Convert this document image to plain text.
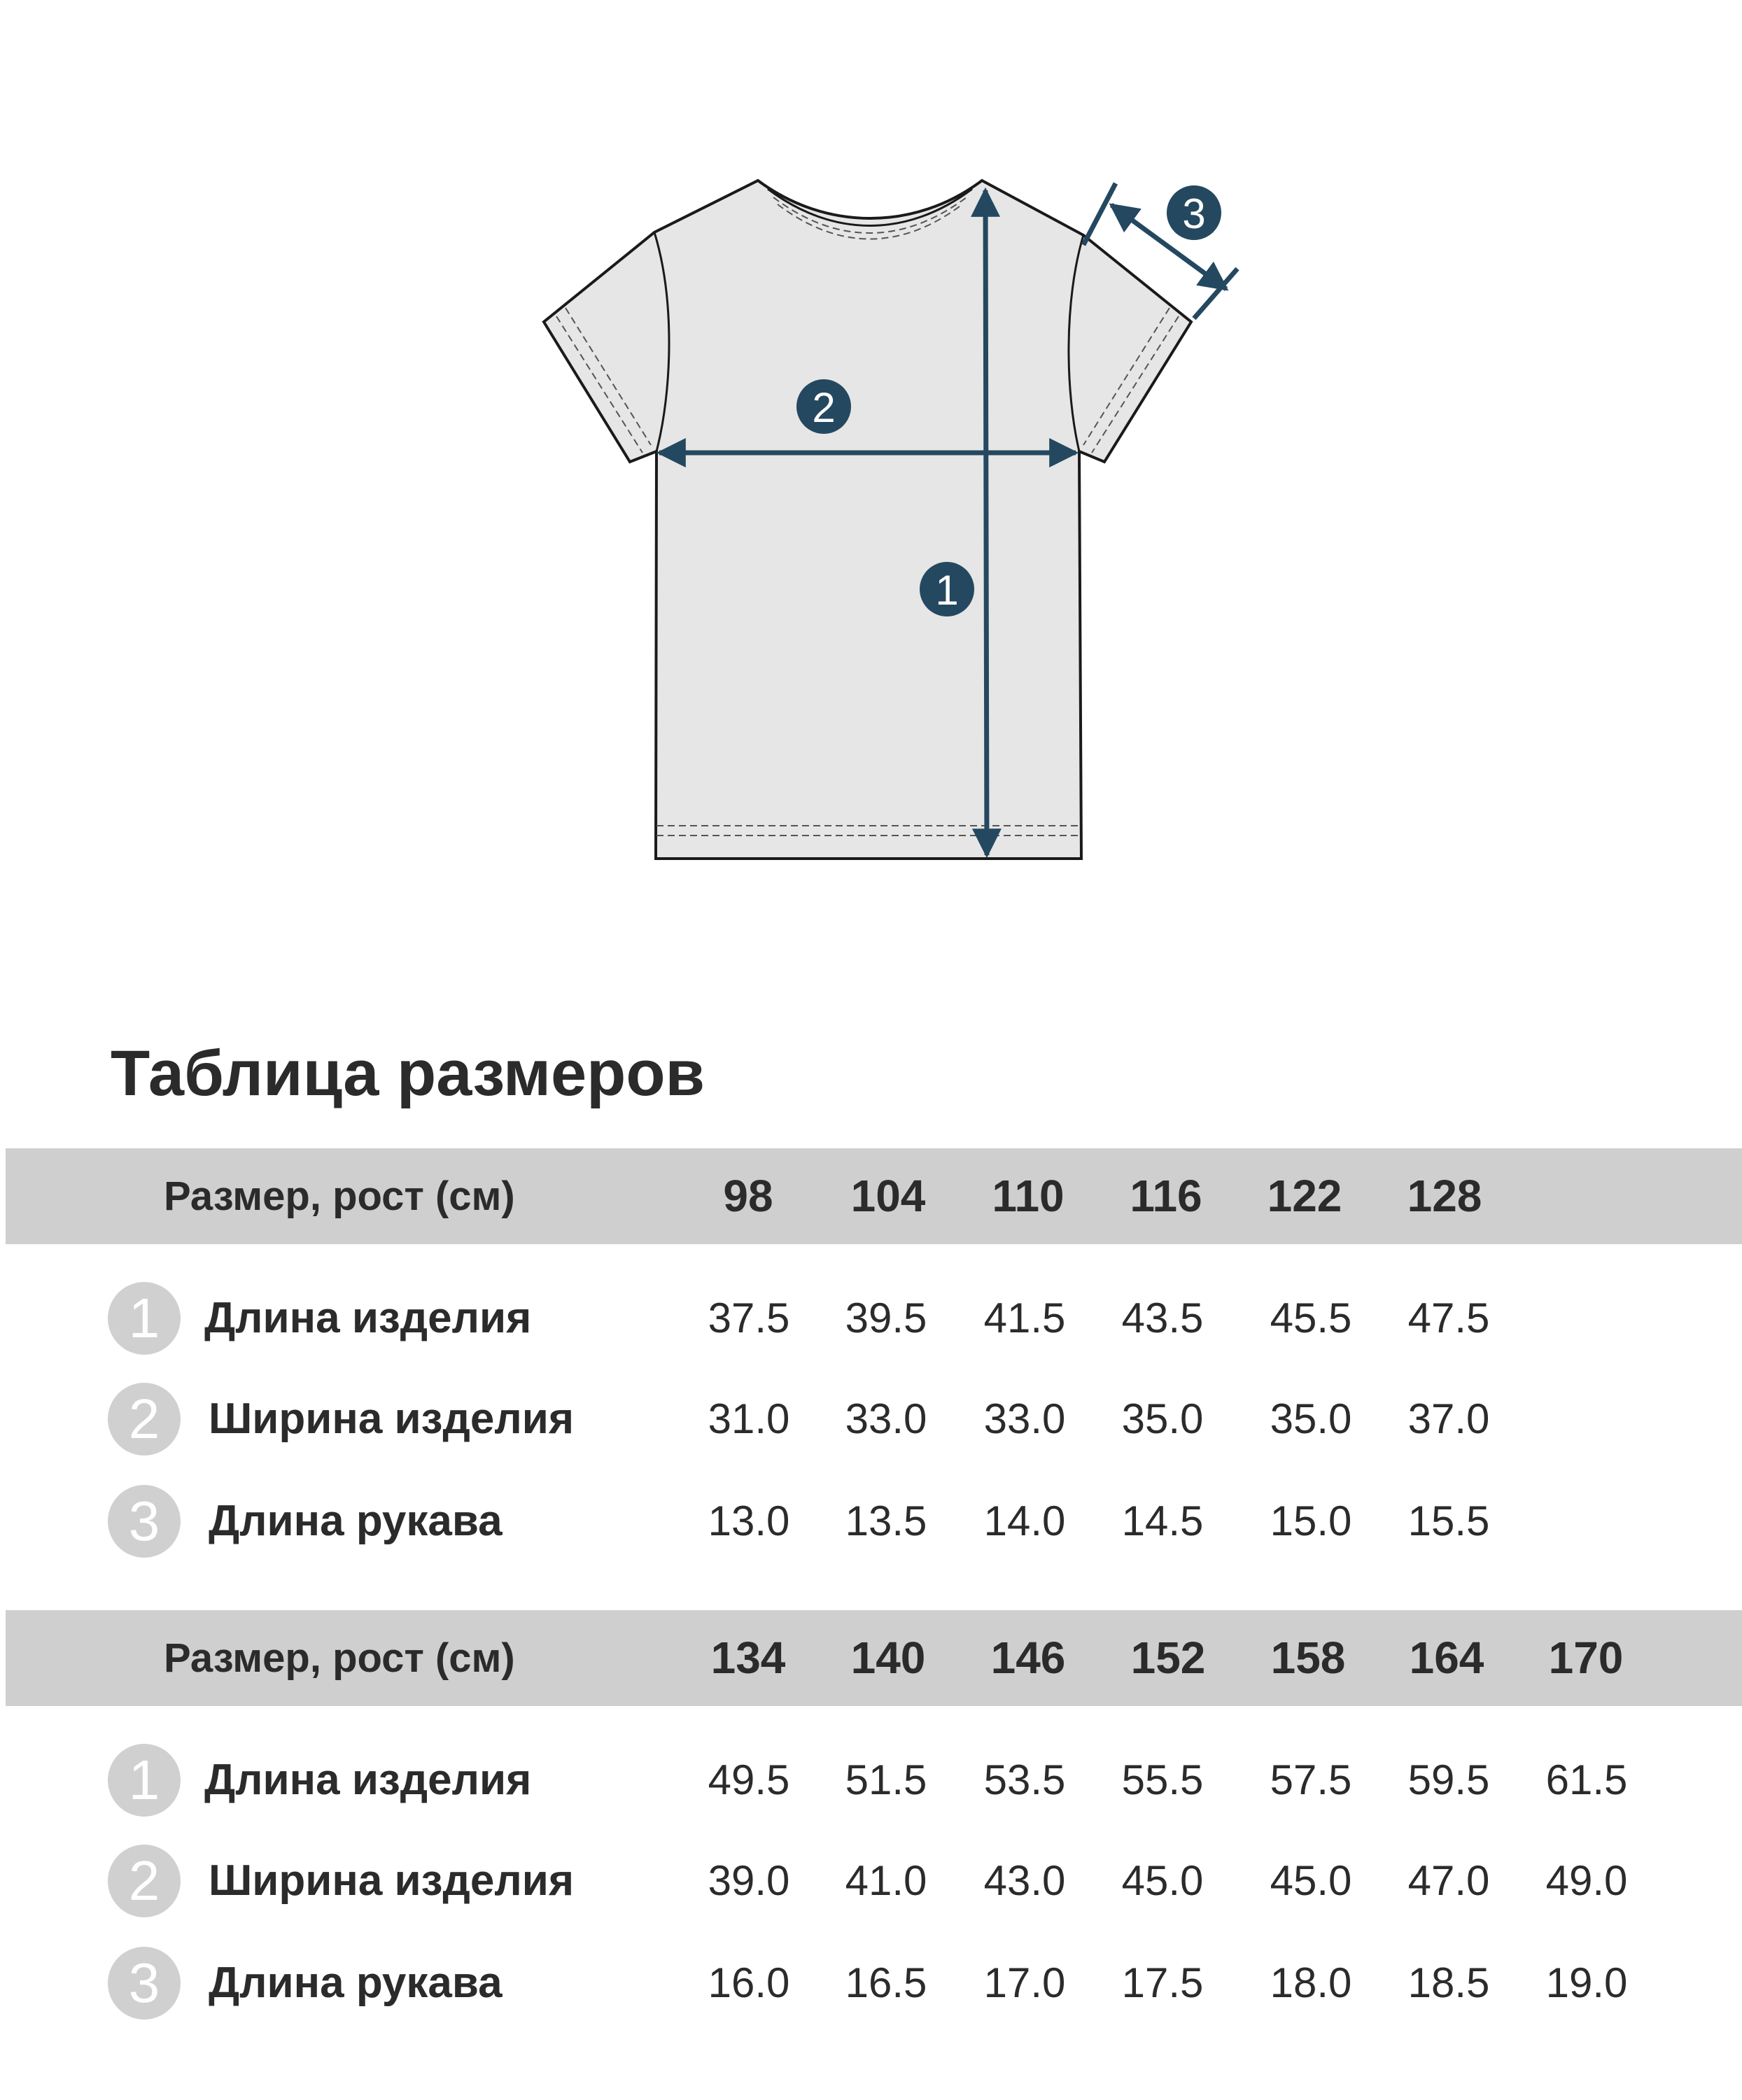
1
2
3
Таблица размеров
Размер, рост (см)	98	104	110	116	122	128
1	Длина изделия	37.5	39.5	41.5	43.5	45.5	47.5
2	Ширина изделия	31.0	33.0	33.0	35.0	35.0	37.0
3	Длина рукава	13.0	13.5	14.0	14.5	15.0	15.5
Размер, рост (см)	134	140	146	152	158	164	170
1	Длина изделия	49.5	51.5	53.5	55.5	57.5	59.5	61.5
2	Ширина изделия	39.0	41.0	43.0	45.0	45.0	47.0	49.0
3	Длина рукава	16.0	16.5	17.0	17.5	18.0	18.5	19.0
